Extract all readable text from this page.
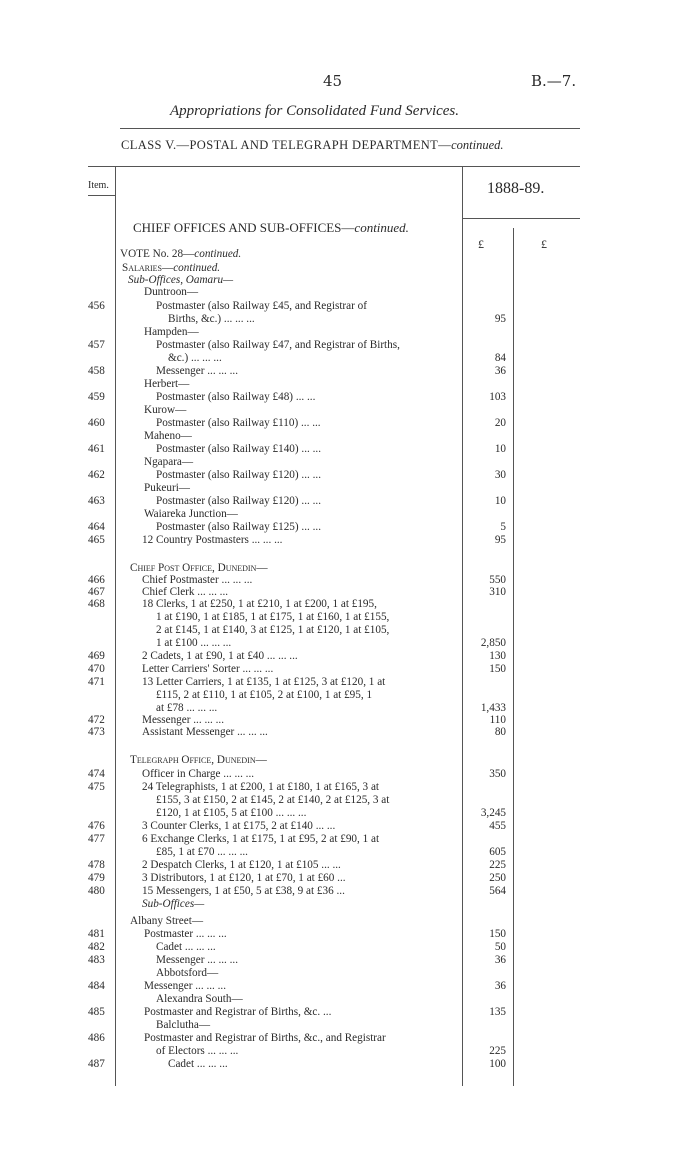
45	B.—7.
Appropriations for Consolidated Fund Services.
CLASS V.—POSTAL AND TELEGRAPH DEPARTMENT—continued.
Item.	1888-89.
CHIEF OFFICES AND SUB-OFFICES—continued.
£	£
VOTE No. 28—continued.
Salaries—continued.
Sub-Offices, Oamaru—
Duntroon—
456	Postmaster (also Railway £45, and Registrar of
Births, &c.) ... ... ...	95
Hampden—
457	Postmaster (also Railway £47, and Registrar of Births,
&c.) ... ... ...	84
458	Messenger ... ... ...	36
Herbert—
459	Postmaster (also Railway £48) ... ...	103
Kurow—
460	Postmaster (also Railway £110) ... ...	20
Maheno—
461	Postmaster (also Railway £140) ... ...	10
Ngapara—
462	Postmaster (also Railway £120) ... ...	30
Pukeuri—
463	Postmaster (also Railway £120) ... ...	10
Waiareka Junction—
464	Postmaster (also Railway £125) ... ...	5
465	12 Country Postmasters ... ... ...	95
Chief Post Office, Dunedin—
466	Chief Postmaster ... ... ...	550
467	Chief Clerk ... ... ...	310
468	18 Clerks, 1 at £250, 1 at £210, 1 at £200, 1 at £195,
1 at £190, 1 at £185, 1 at £175, 1 at £160, 1 at £155,
2 at £145, 1 at £140, 3 at £125, 1 at £120, 1 at £105,
1 at £100 ... ... ...	2,850
469	2 Cadets, 1 at £90, 1 at £40 ... ... ...	130
470	Letter Carriers' Sorter ... ... ...	150
471	13 Letter Carriers, 1 at £135, 1 at £125, 3 at £120, 1 at
£115, 2 at £110, 1 at £105, 2 at £100, 1 at £95, 1
at £78 ... ... ...	1,433
472	Messenger ... ... ...	110
473	Assistant Messenger ... ... ...	80
Telegraph Office, Dunedin—
474	Officer in Charge ... ... ...	350
475	24 Telegraphists, 1 at £200, 1 at £180, 1 at £165, 3 at
£155, 3 at £150, 2 at £145, 2 at £140, 2 at £125, 3 at
£120, 1 at £105, 5 at £100 ... ... ...	3,245
476	3 Counter Clerks, 1 at £175, 2 at £140 ... ...	455
477	6 Exchange Clerks, 1 at £175, 1 at £95, 2 at £90, 1 at
£85, 1 at £70 ... ... ...	605
478	2 Despatch Clerks, 1 at £120, 1 at £105 ... ...	225
479	3 Distributors, 1 at £120, 1 at £70, 1 at £60 ...	250
480	15 Messengers, 1 at £50, 5 at £38, 9 at £36 ...	564
Sub-Offices—
Albany Street—
481	Postmaster ... ... ...	150
482	Cadet ... ... ...	50
483	Messenger ... ... ...	36
Abbotsford—
484	Messenger ... ... ...	36
Alexandra South—
485	Postmaster and Registrar of Births, &c. ...	135
Balclutha—
486	Postmaster and Registrar of Births, &c., and Registrar
of Electors ... ... ...	225
487	Cadet ... ... ...	100
